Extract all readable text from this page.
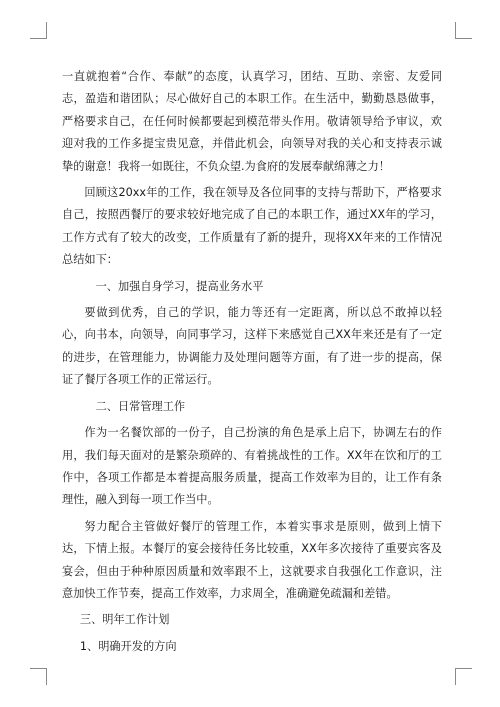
一直就抱着“合作、奉献”的态度，认真学习，团结、互助、亲密、友爱同志，盈造和谐团队；尽心做好自己的本职工作。在生活中，勤勤恳恳做事，严格要求自己，在任何时候都要起到模范带头作用。敬请领导给予审议，欢迎对我的工作多提宝贵见意，并借此机会，向领导对我的关心和支持表示诚挚的谢意！我将一如既往，不负众望.为食府的发展奉献绵薄之力！

回顾这20xx年的工作，我在领导及各位同事的支持与帮助下，严格要求自己，按照西餐厅的要求较好地完成了自己的本职工作，通过XX年的学习，工作方式有了较大的改变，工作质量有了新的提升，现将XX年来的工作情况总结如下：

一、加强自身学习，提高业务水平

要做到优秀，自己的学识，能力等还有一定距离，所以总不敢掉以轻心，向书本，向领导，向同事学习，这样下来感觉自己XX年来还是有了一定的进步，在管理能力，协调能力及处理问题等方面，有了进一步的提高，保证了餐厅各项工作的正常运行。

二、日常管理工作

作为一名餐饮部的一份子，自己扮演的角色是承上启下，协调左右的作用，我们每天面对的是繁杂琐碎的、有着挑战性的工作。XX年在饮和厅的工作中，各项工作都是本着提高服务质量，提高工作效率为目的，让工作有条理性，融入到每一项工作当中。

努力配合主管做好餐厅的管理工作，本着实事求是原则，做到上情下达，下情上报。本餐厅的宴会接待任务比较重，XX年多次接待了重要宾客及宴会，但由于种种原因质量和效率跟不上，这就要求自我强化工作意识，注意加快工作节奏，提高工作效率，力求周全，准确避免疏漏和差错。

三、明年工作计划

1、明确开发的方向
